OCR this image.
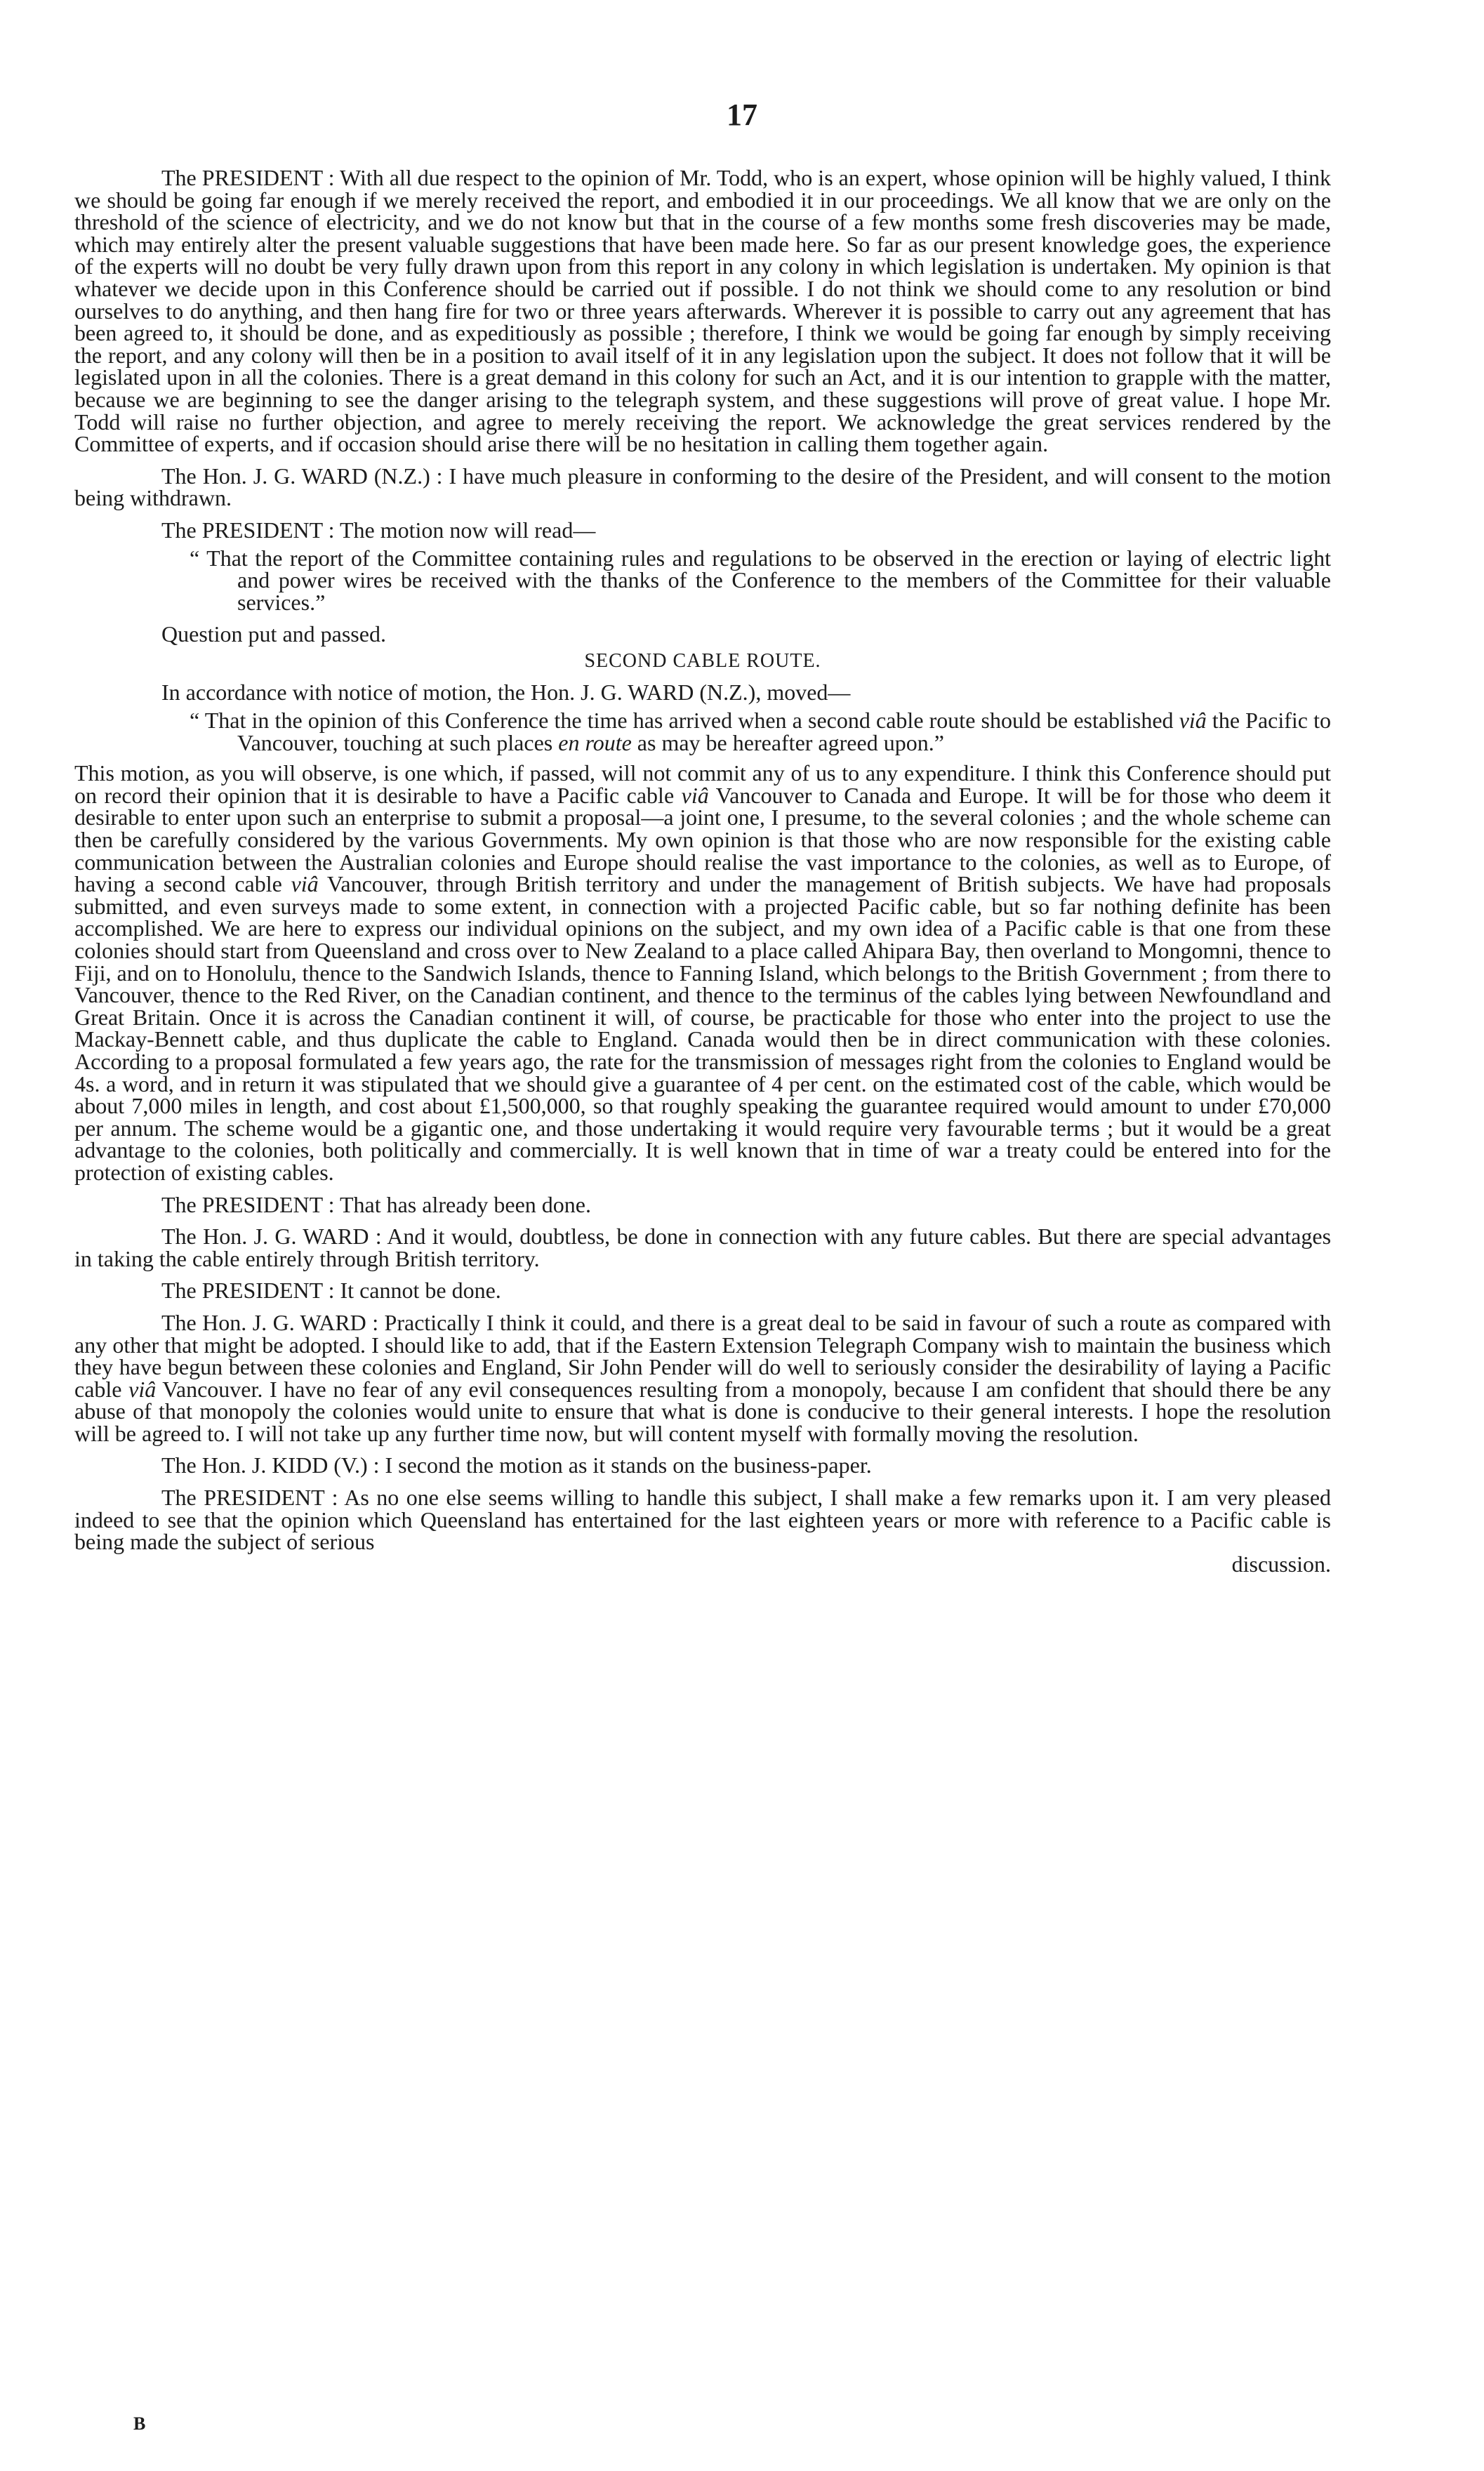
17

The PRESIDENT : With all due respect to the opinion of Mr. Todd, who is an expert, whose opinion will be highly valued, I think we should be going far enough if we merely received the report, and embodied it in our proceedings. We all know that we are only on the threshold of the science of electricity, and we do not know but that in the course of a few months some fresh discoveries may be made, which may entirely alter the present valuable suggestions that have been made here. So far as our present knowledge goes, the experience of the experts will no doubt be very fully drawn upon from this report in any colony in which legislation is undertaken. My opinion is that whatever we decide upon in this Conference should be carried out if possible. I do not think we should come to any resolution or bind ourselves to do anything, and then hang fire for two or three years afterwards. Wherever it is possible to carry out any agreement that has been agreed to, it should be done, and as expeditiously as possible ; therefore, I think we would be going far enough by simply receiving the report, and any colony will then be in a position to avail itself of it in any legislation upon the subject. It does not follow that it will be legislated upon in all the colonies. There is a great demand in this colony for such an Act, and it is our intention to grapple with the matter, because we are beginning to see the danger arising to the telegraph system, and these suggestions will prove of great value. I hope Mr. Todd will raise no further objection, and agree to merely receiving the report. We acknowledge the great services rendered by the Committee of experts, and if occasion should arise there will be no hesitation in calling them together again.

The Hon. J. G. WARD (N.Z.) : I have much pleasure in conforming to the desire of the President, and will consent to the motion being withdrawn.

The PRESIDENT : The motion now will read—

“ That the report of the Committee containing rules and regulations to be observed in the erection or laying of electric light and power wires be received with the thanks of the Conference to the members of the Committee for their valuable services.”

Question put and passed.

SECOND CABLE ROUTE.

In accordance with notice of motion, the Hon. J. G. WARD (N.Z.), moved—

“ That in the opinion of this Conference the time has arrived when a second cable route should be established viâ the Pacific to Vancouver, touching at such places en route as may be hereafter agreed upon.”

This motion, as you will observe, is one which, if passed, will not commit any of us to any expenditure. I think this Conference should put on record their opinion that it is desirable to have a Pacific cable viâ Vancouver to Canada and Europe. It will be for those who deem it desirable to enter upon such an enterprise to submit a proposal—a joint one, I presume, to the several colonies ; and the whole scheme can then be carefully considered by the various Governments. My own opinion is that those who are now responsible for the existing cable communication between the Australian colonies and Europe should realise the vast importance to the colonies, as well as to Europe, of having a second cable viâ Vancouver, through British territory and under the management of British subjects. We have had proposals submitted, and even surveys made to some extent, in connection with a projected Pacific cable, but so far nothing definite has been accomplished. We are here to express our individual opinions on the subject, and my own idea of a Pacific cable is that one from these colonies should start from Queensland and cross over to New Zealand to a place called Ahipara Bay, then overland to Mongomni, thence to Fiji, and on to Honolulu, thence to the Sandwich Islands, thence to Fanning Island, which belongs to the British Government ; from there to Vancouver, thence to the Red River, on the Canadian continent, and thence to the terminus of the cables lying between Newfoundland and Great Britain. Once it is across the Canadian continent it will, of course, be practicable for those who enter into the project to use the Mackay-Bennett cable, and thus duplicate the cable to England. Canada would then be in direct communication with these colonies. According to a proposal formulated a few years ago, the rate for the transmission of messages right from the colonies to England would be 4s. a word, and in return it was stipulated that we should give a guarantee of 4 per cent. on the estimated cost of the cable, which would be about 7,000 miles in length, and cost about £1,500,000, so that roughly speaking the guarantee required would amount to under £70,000 per annum. The scheme would be a gigantic one, and those undertaking it would require very favourable terms ; but it would be a great advantage to the colonies, both politically and commercially. It is well known that in time of war a treaty could be entered into for the protection of existing cables.

The PRESIDENT : That has already been done.

The Hon. J. G. WARD : And it would, doubtless, be done in connection with any future cables. But there are special advantages in taking the cable entirely through British territory.

The PRESIDENT : It cannot be done.

The Hon. J. G. WARD : Practically I think it could, and there is a great deal to be said in favour of such a route as compared with any other that might be adopted. I should like to add, that if the Eastern Extension Telegraph Company wish to maintain the business which they have begun between these colonies and England, Sir John Pender will do well to seriously consider the desirability of laying a Pacific cable viâ Vancouver. I have no fear of any evil consequences resulting from a monopoly, because I am confident that should there be any abuse of that monopoly the colonies would unite to ensure that what is done is conducive to their general interests. I hope the resolution will be agreed to. I will not take up any further time now, but will content myself with formally moving the resolution.

The Hon. J. KIDD (V.) : I second the motion as it stands on the business-paper.

The PRESIDENT : As no one else seems willing to handle this subject, I shall make a few remarks upon it. I am very pleased indeed to see that the opinion which Queensland has entertained for the last eighteen years or more with reference to a Pacific cable is being made the subject of serious

discussion.

B
